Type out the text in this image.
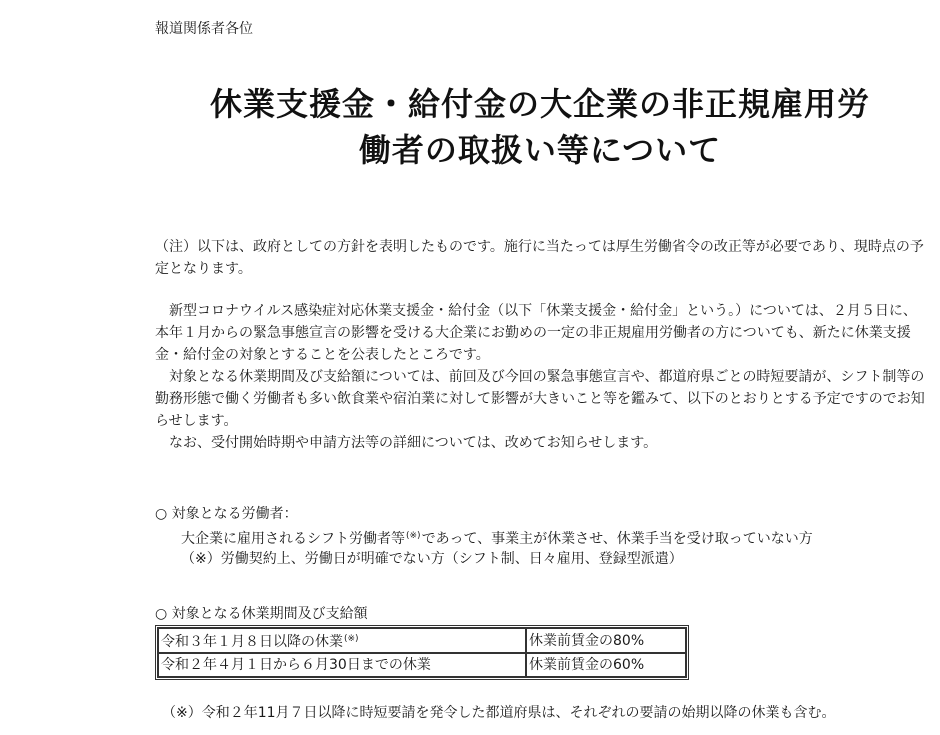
報道関係者各位
休業支援金・給付金の大企業の非正規雇用労
働者の取扱い等について

（注）以下は、政府としての方針を表明したものです。施行に当たっては厚生労働省令の改正等が必要であり、現時点の予定となります。

新型コロナウイルス感染症対応休業支援金・給付金（以下「休業支援金・給付金」という。）については、２月５日に、本年１月からの緊急事態宣言の影響を受ける大企業にお勤めの一定の非正規雇用労働者の方についても、新たに休業支援金・給付金の対象とすることを公表したところです。

対象となる休業期間及び支給額については、前回及び今回の緊急事態宣言や、都道府県ごとの時短要請が、シフト制等の勤務形態で働く労働者も多い飲食業や宿泊業に対して影響が大きいこと等を鑑みて、以下のとおりとする予定ですのでお知らせします。

なお、受付開始時期や申請方法等の詳細については、改めてお知らせします。

○ 対象となる労働者：
大企業に雇用されるシフト労働者等(※)であって、事業主が休業させ、休業手当を受け取っていない方
（※）労働契約上、労働日が明確でない方（シフト制、日々雇用、登録型派遣）
○ 対象となる休業期間及び支給額
令和３年１月８日以降の休業(※)	休業前賃金の80%
令和２年４月１日から６月30日までの休業	休業前賃金の60%
（※）令和２年11月７日以降に時短要請を発令した都道府県は、それぞれの要請の始期以降の休業も含む。
